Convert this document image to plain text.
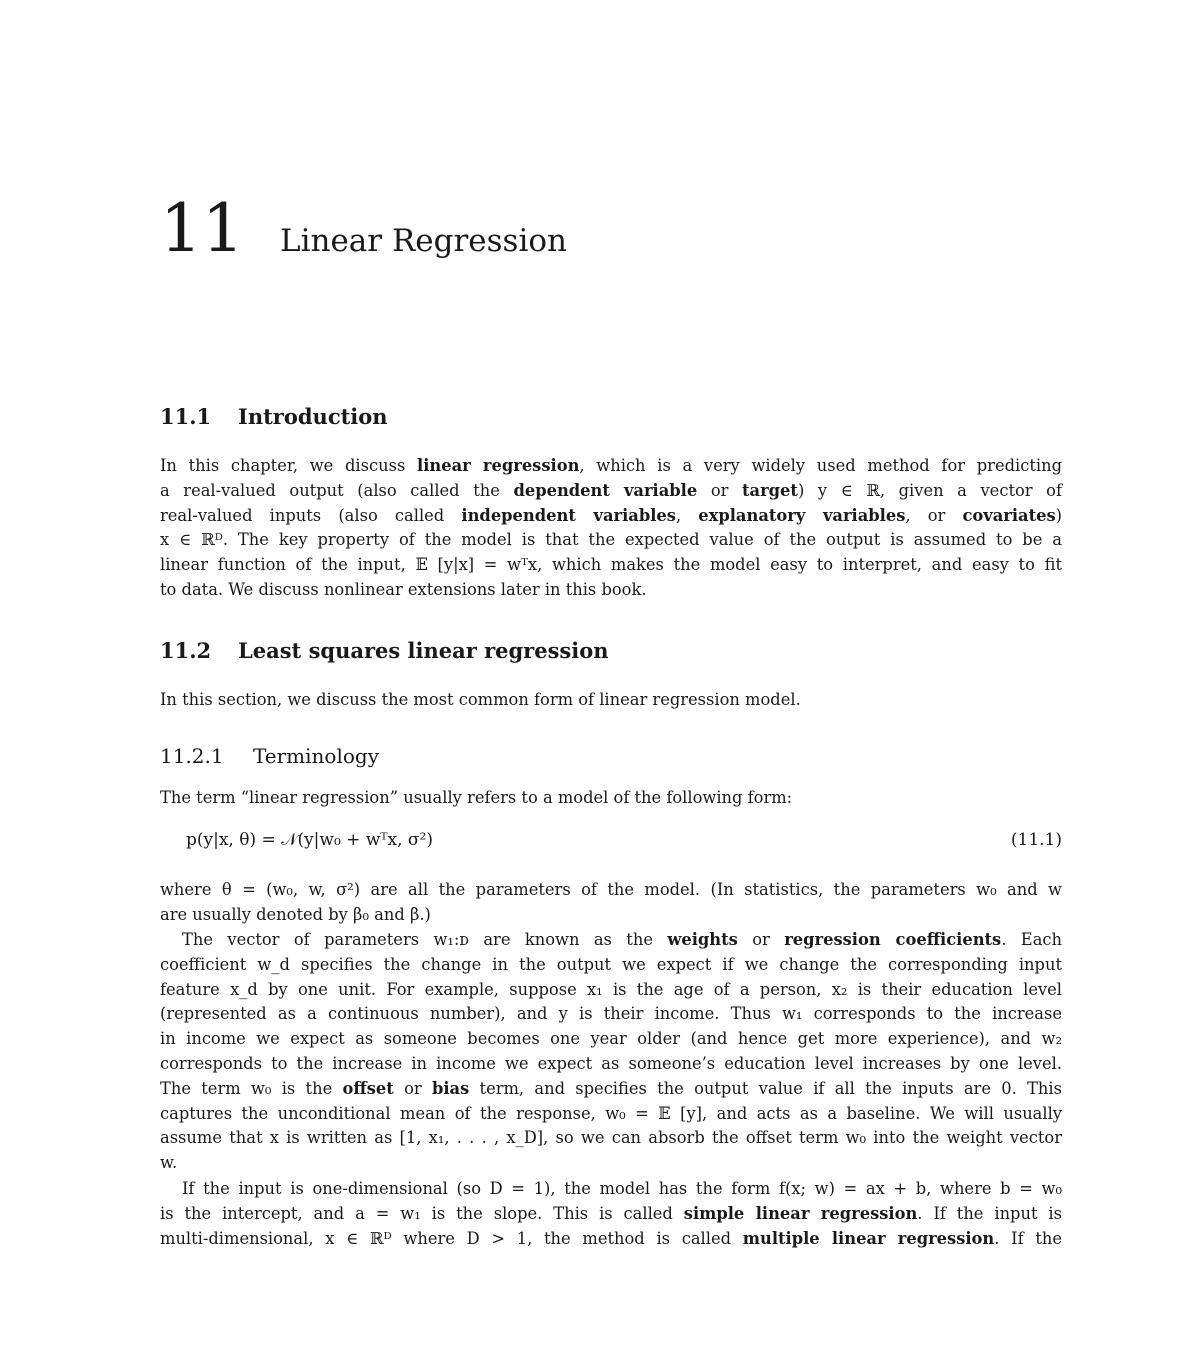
11 Linear Regression
11.1 Introduction
In this chapter, we discuss linear regression, which is a very widely used method for predicting
a real-valued output (also called the dependent variable or target) y ∈ ℝ, given a vector of
real-valued inputs (also called independent variables, explanatory variables, or covariates)
x ∈ ℝᴰ. The key property of the model is that the expected value of the output is assumed to be a
linear function of the input, 𝔼 [y|x] = wᵀx, which makes the model easy to interpret, and easy to fit
to data. We discuss nonlinear extensions later in this book.
11.2 Least squares linear regression
In this section, we discuss the most common form of linear regression model.
11.2.1 Terminology
The term “linear regression” usually refers to a model of the following form:
p(y|x, θ) = 𝒩(y|w₀ + wᵀx, σ²)	(11.1)
where θ = (w₀, w, σ²) are all the parameters of the model. (In statistics, the parameters w₀ and w
are usually denoted by β₀ and β.)
The vector of parameters w₁:ᴅ are known as the weights or regression coefficients. Each
coefficient w_d specifies the change in the output we expect if we change the corresponding input
feature x_d by one unit. For example, suppose x₁ is the age of a person, x₂ is their education level
(represented as a continuous number), and y is their income. Thus w₁ corresponds to the increase
in income we expect as someone becomes one year older (and hence get more experience), and w₂
corresponds to the increase in income we expect as someone’s education level increases by one level.
The term w₀ is the offset or bias term, and specifies the output value if all the inputs are 0. This
captures the unconditional mean of the response, w₀ = 𝔼 [y], and acts as a baseline. We will usually
assume that x is written as [1, x₁, . . . , x_D], so we can absorb the offset term w₀ into the weight vector
w.
If the input is one-dimensional (so D = 1), the model has the form f(x; w) = ax + b, where b = w₀
is the intercept, and a = w₁ is the slope. This is called simple linear regression. If the input is
multi-dimensional, x ∈ ℝᴰ where D > 1, the method is called multiple linear regression. If the
